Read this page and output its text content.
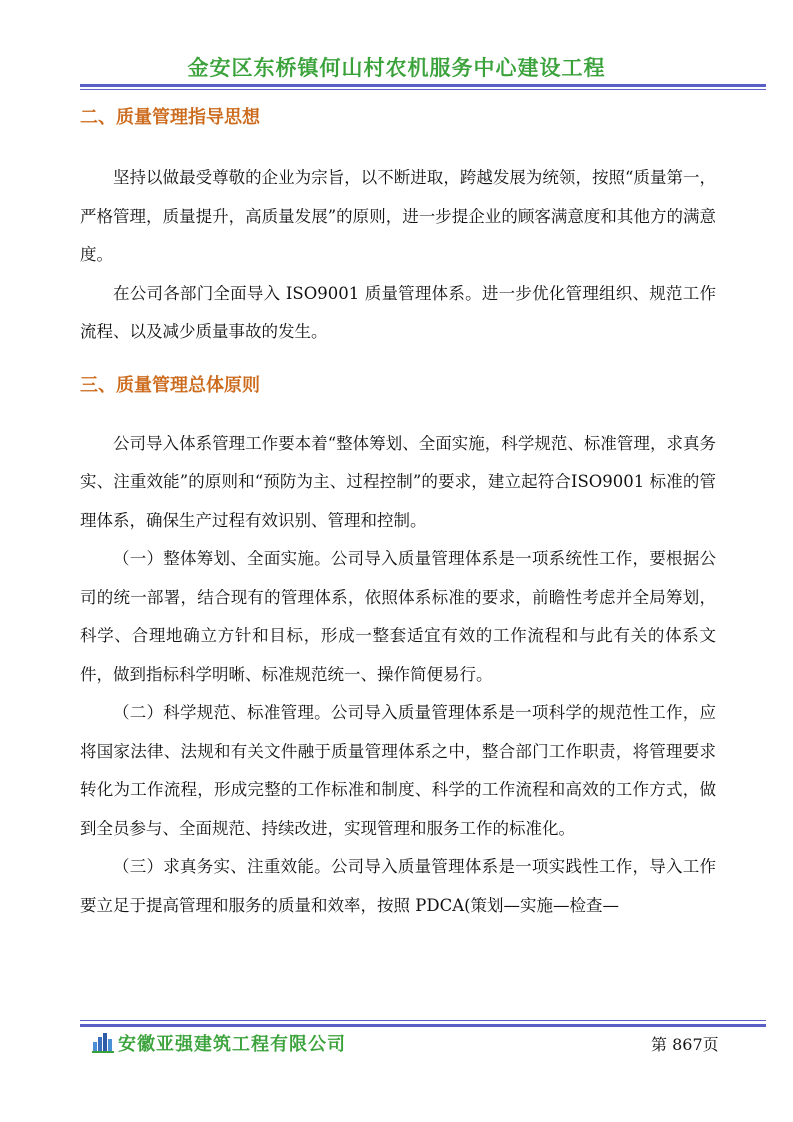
金安区东桥镇何山村农机服务中心建设工程
二、质量管理指导思想

坚持以做最受尊敬的企业为宗旨，以不断进取，跨越发展为统领，按照“质量第一，严格管理，质量提升，高质量发展”的原则，进一步提企业的顾客满意度和其他方的满意度。

在公司各部门全面导入 ISO9001 质量管理体系。进一步优化管理组织、规范工作流程、以及减少质量事故的发生。

三、质量管理总体原则

公司导入体系管理工作要本着“整体筹划、全面实施，科学规范、标准管理，求真务实、注重效能”的原则和“预防为主、过程控制”的要求，建立起符合ISO9001 标准的管理体系，确保生产过程有效识别、管理和控制。

（一）整体筹划、全面实施。公司导入质量管理体系是一项系统性工作，要根据公司的统一部署，结合现有的管理体系，依照体系标准的要求，前瞻性考虑并全局筹划，科学、合理地确立方针和目标，形成一整套适宜有效的工作流程和与此有关的体系文件，做到指标科学明晰、标准规范统一、操作简便易行。

（二）科学规范、标准管理。公司导入质量管理体系是一项科学的规范性工作，应将国家法律、法规和有关文件融于质量管理体系之中，整合部门工作职责，将管理要求转化为工作流程，形成完整的工作标准和制度、科学的工作流程和高效的工作方式，做到全员参与、全面规范、持续改进，实现管理和服务工作的标准化。

（三）求真务实、注重效能。公司导入质量管理体系是一项实践性工作，导入工作要立足于提高管理和服务的质量和效率，按照 PDCA(策划—实施—检查—

安徽亚强建筑工程有限公司	第 867页
